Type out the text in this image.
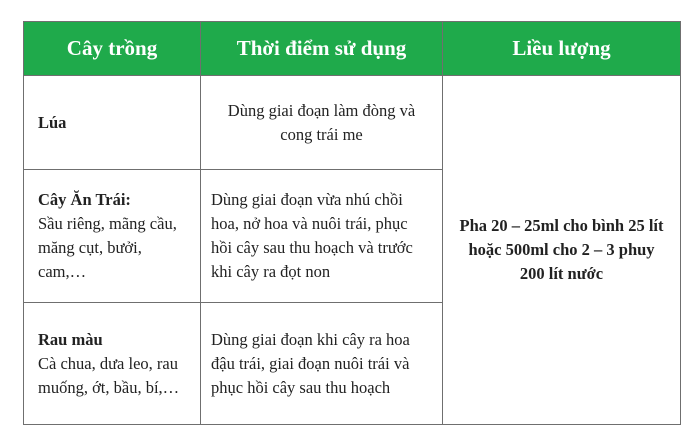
Cây trồng	Thời điểm sử dụng	Liều lượng

Lúa	Dùng giai đoạn làm đòng và cong trái me	Pha 20 – 25ml cho bình 25 lít hoặc 500ml cho 2 – 3 phuy 200 lít nước

Cây Ăn Trái:
Sầu riêng, mãng cầu, măng cụt, bưởi, cam,…	Dùng giai đoạn vừa nhú chồi hoa, nở hoa và nuôi trái, phục hồi cây sau thu hoạch và trước khi cây ra đọt non	

Rau màu
Cà chua, dưa leo, rau muống, ớt, bầu, bí,…	Dùng giai đoạn khi cây ra hoa đậu trái, giai đoạn nuôi trái và phục hồi cây sau thu hoạch	
